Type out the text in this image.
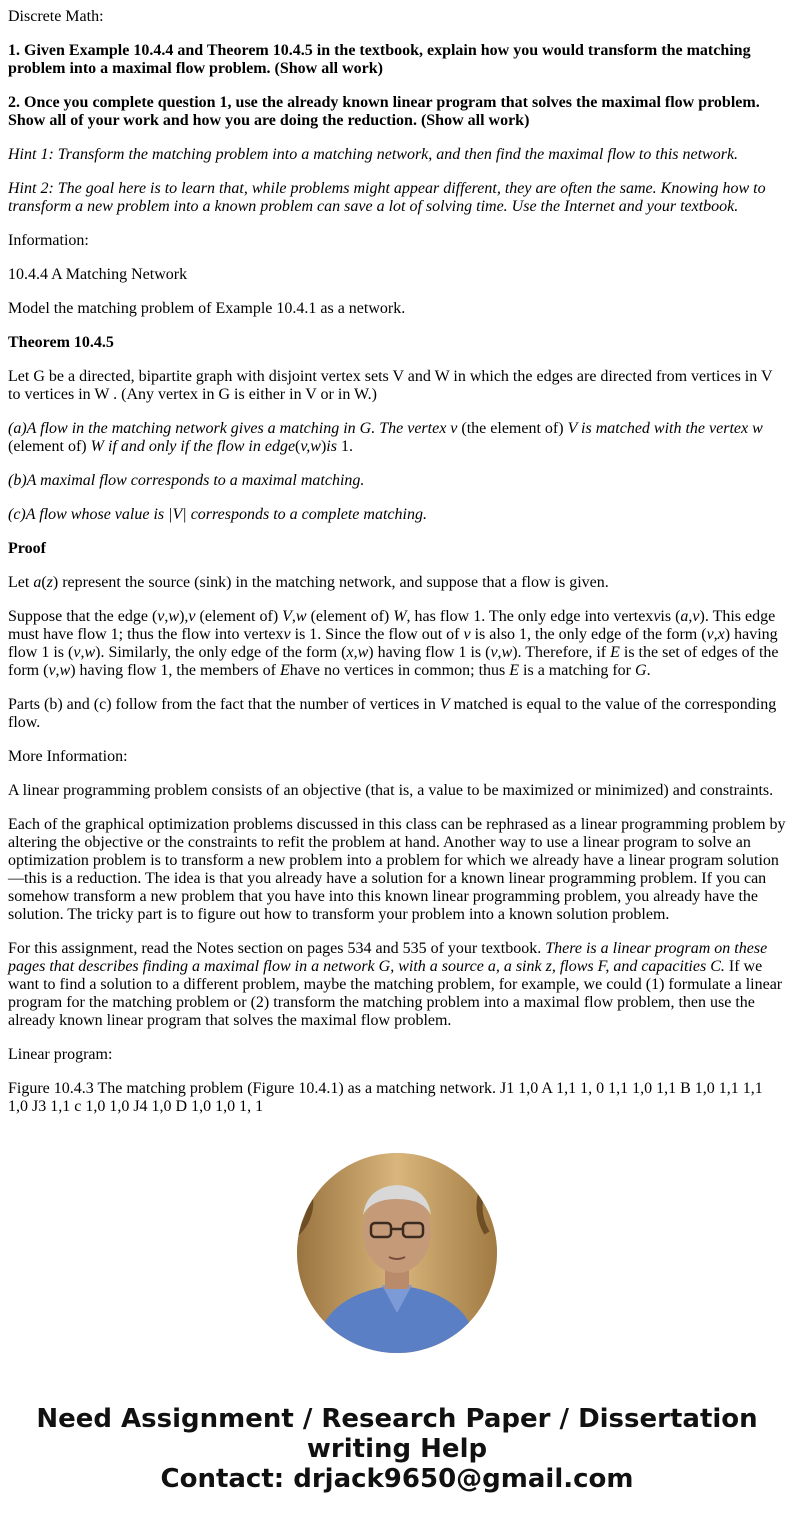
Discrete Math:

1. Given Example 10.4.4 and Theorem 10.4.5 in the textbook, explain how you would transform the matching problem into a maximal flow problem. (Show all work)

2. Once you complete question 1, use the already known linear program that solves the maximal flow problem. Show all of your work and how you are doing the reduction. (Show all work)

Hint 1: Transform the matching problem into a matching network, and then find the maximal flow to this network.

Hint 2: The goal here is to learn that, while problems might appear different, they are often the same. Knowing how to transform a new problem into a known problem can save a lot of solving time. Use the Internet and your textbook.

Information:

10.4.4 A Matching Network

Model the matching problem of Example 10.4.1 as a network.

Theorem 10.4.5

Let G be a directed, bipartite graph with disjoint vertex sets V and W in which the edges are directed from vertices in V to vertices in W . (Any vertex in G is either in V or in W.)

(a)A flow in the matching network gives a matching in G. The vertex v (the element of) V is matched with the vertex w (element of) W if and only if the flow in edge(v,w)is 1.

(b)A maximal flow corresponds to a maximal matching.

(c)A flow whose value is |V| corresponds to a complete matching.

Proof

Let a(z) represent the source (sink) in the matching network, and suppose that a flow is given.

Suppose that the edge (v,w),v (element of) V,w (element of) W, has flow 1. The only edge into vertexvis (a,v). This edge must have flow 1; thus the flow into vertexv is 1. Since the flow out of v is also 1, the only edge of the form (v,x) having flow 1 is (v,w). Similarly, the only edge of the form (x,w) having flow 1 is (v,w). Therefore, if E is the set of edges of the form (v,w) having flow 1, the members of Ehave no vertices in common; thus E is a matching for G.

Parts (b) and (c) follow from the fact that the number of vertices in V matched is equal to the value of the corresponding flow.

More Information:

A linear programming problem consists of an objective (that is, a value to be maximized or minimized) and constraints.

Each of the graphical optimization problems discussed in this class can be rephrased as a linear programming problem by altering the objective or the constraints to refit the problem at hand. Another way to use a linear program to solve an optimization problem is to transform a new problem into a problem for which we already have a linear program solution—this is a reduction. The idea is that you already have a solution for a known linear programming problem. If you can somehow transform a new problem that you have into this known linear programming problem, you already have the solution. The tricky part is to figure out how to transform your problem into a known solution problem.

For this assignment, read the Notes section on pages 534 and 535 of your textbook. There is a linear program on these pages that describes finding a maximal flow in a network G, with a source a, a sink z, flows F, and capacities C. If we want to find a solution to a different problem, maybe the matching problem, for example, we could (1) formulate a linear program for the matching problem or (2) transform the matching problem into a maximal flow problem, then use the already known linear program that solves the maximal flow problem.

Linear program:

Figure 10.4.3 The matching problem (Figure 10.4.1) as a matching network. J1 1,0 A 1,1 1, 0 1,1 1,0 1,1 B 1,0 1,1 1,1 1,0 J3 1,1 c 1,0 1,0 J4 1,0 D 1,0 1,0 1, 1

Need Assignment / Research Paper / Dissertation
writing Help
Contact: drjack9650@gmail.com
